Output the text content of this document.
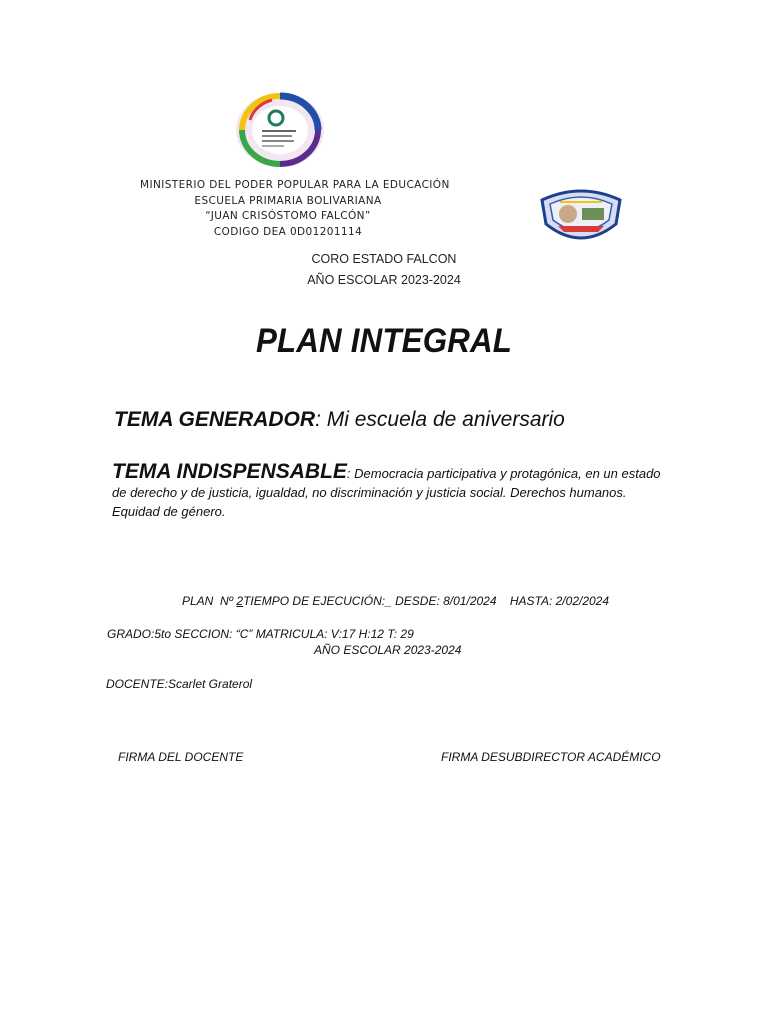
MINISTERIO DEL PODER POPULAR PARA LA EDUCACIÓN
ESCUELA PRIMARIA BOLIVARIANA
“JUAN CRISÓSTOMO FALCÓN”
CODIGO DEA 0D01201114
CORO ESTADO FALCON
AÑO ESCOLAR 2023-2024
PLAN INTEGRAL
TEMA GENERADOR: Mi escuela de aniversario
TEMA INDISPENSABLE: Democracia participativa y protagónica, en un estado de derecho y de justicia, igualdad, no discriminación y justicia social. Derechos humanos. Equidad de género.
PLAN  Nº 2TIEMPO DE EJECUCIÓN:_ DESDE: 8/01/2024    HASTA: 2/02/2024
GRADO:5to SECCION: “C” MATRICULA: V:17 H:12 T: 29
AÑO ESCOLAR 2023-2024
DOCENTE:Scarlet Graterol
FIRMA DEL DOCENTE	FIRMA DESUBDIRECTOR ACADÉMICO
